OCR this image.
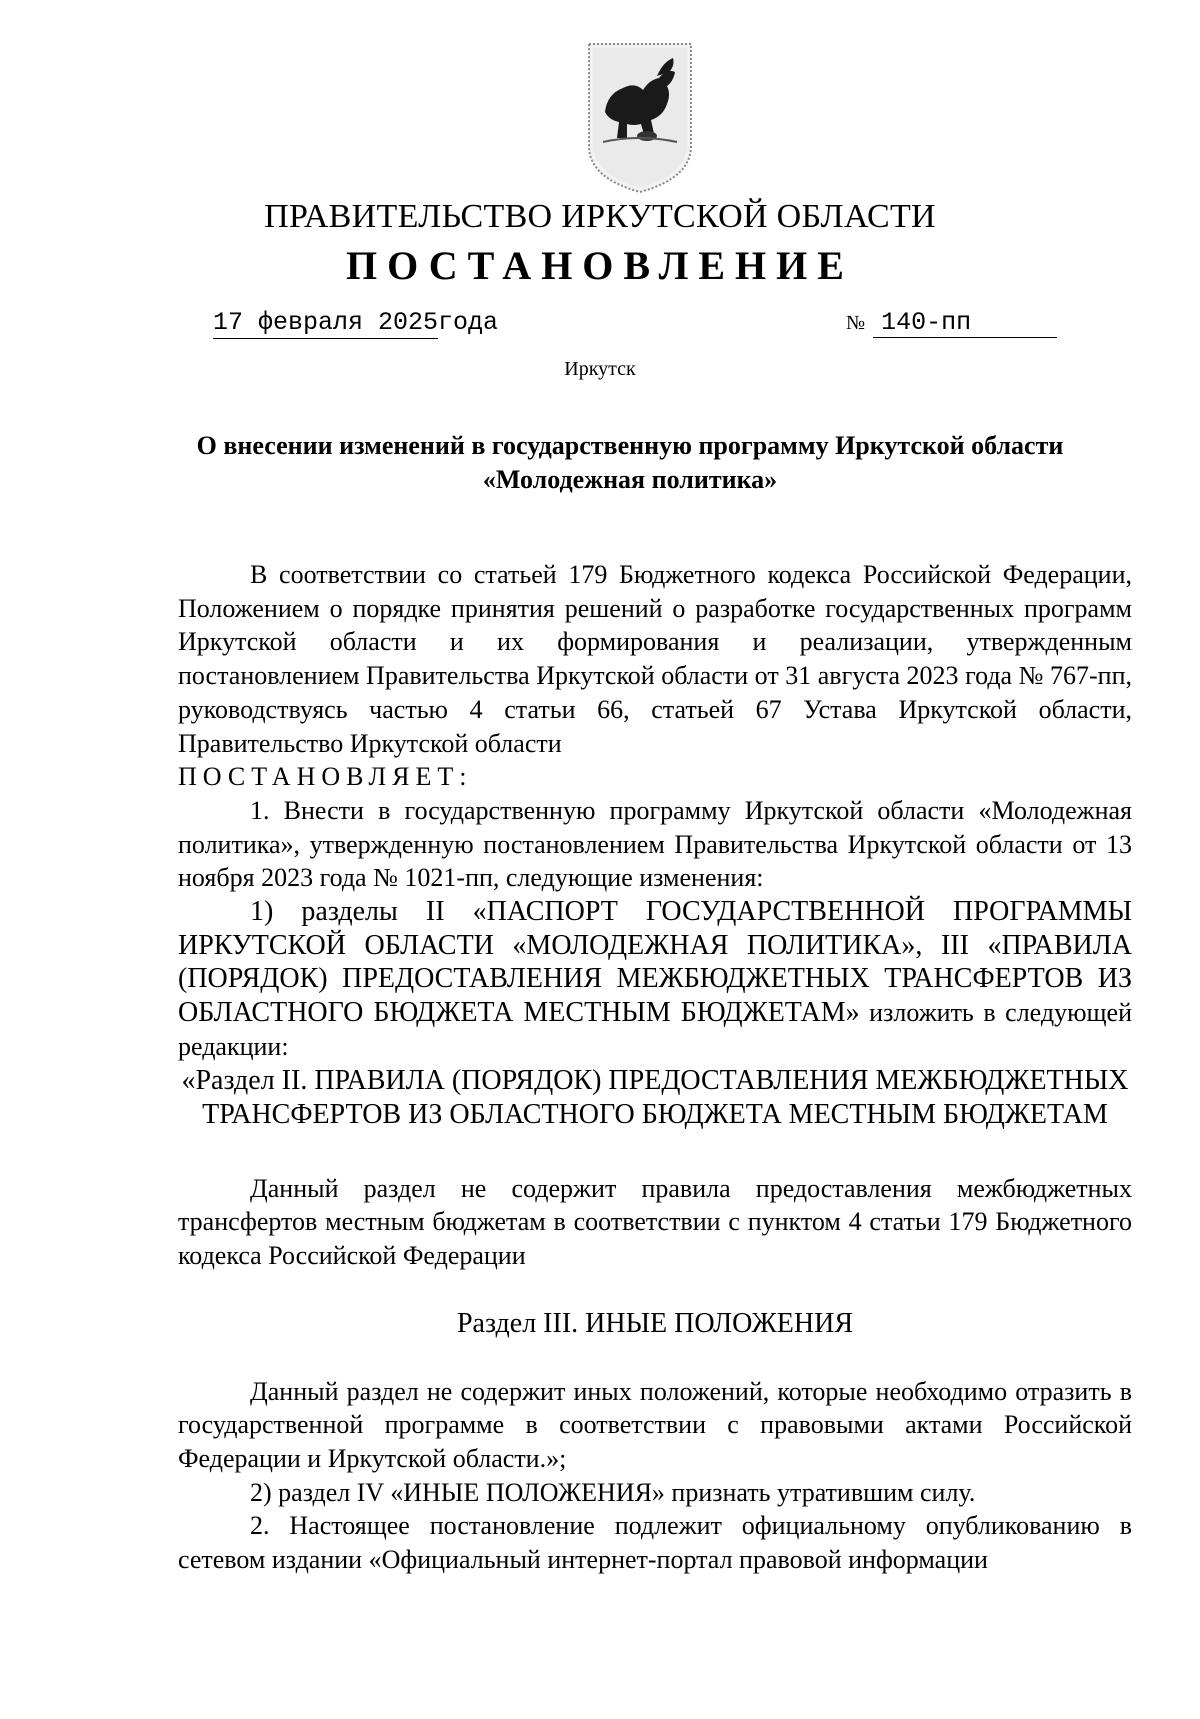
ПРАВИТЕЛЬСТВО ИРКУТСКОЙ ОБЛАСТИ
ПОСТАНОВЛЕНИЕ
17 февраля 2025года	№ 140-пп
Иркутск
О внесении изменений в государственную программу Иркутской области
«Молодежная политика»

В соответствии со статьей 179 Бюджетного кодекса Российской Федерации, Положением о порядке принятия решений о разработке государственных программ Иркутской области и их формирования и реализации, утвержденным постановлением Правительства Иркутской области от 31 августа 2023 года № 767-пп, руководствуясь частью 4 статьи 66, статьей 67 Устава Иркутской области, Правительство Иркутской области

ПОСТАНОВЛЯЕТ:

1. Внести в государственную программу Иркутской области «Молодежная политика», утвержденную постановлением Правительства Иркутской области от 13 ноября 2023 года № 1021-пп, следующие изменения:

1) разделы II «ПАСПОРТ ГОСУДАРСТВЕННОЙ ПРОГРАММЫ ИРКУТСКОЙ ОБЛАСТИ «МОЛОДЕЖНАЯ ПОЛИТИКА», III «ПРАВИЛА (ПОРЯДОК) ПРЕДОСТАВЛЕНИЯ МЕЖБЮДЖЕТНЫХ ТРАНСФЕРТОВ ИЗ ОБЛАСТНОГО БЮДЖЕТА МЕСТНЫМ БЮДЖЕТАМ» изложить в следующей редакции:

«Раздел II. ПРАВИЛА (ПОРЯДОК) ПРЕДОСТАВЛЕНИЯ МЕЖБЮДЖЕТНЫХ
ТРАНСФЕРТОВ ИЗ ОБЛАСТНОГО БЮДЖЕТА МЕСТНЫМ БЮДЖЕТАМ

Данный раздел не содержит правила предоставления межбюджетных трансфертов местным бюджетам в соответствии с пунктом 4 статьи 179 Бюджетного кодекса Российской Федерации

Раздел III. ИНЫЕ ПОЛОЖЕНИЯ

Данный раздел не содержит иных положений, которые необходимо отразить в государственной программе в соответствии с правовыми актами Российской Федерации и Иркутской области.»;

2) раздел IV «ИНЫЕ ПОЛОЖЕНИЯ» признать утратившим силу.

2. Настоящее постановление подлежит официальному опубликованию в сетевом издании «Официальный интернет-портал правовой информации
